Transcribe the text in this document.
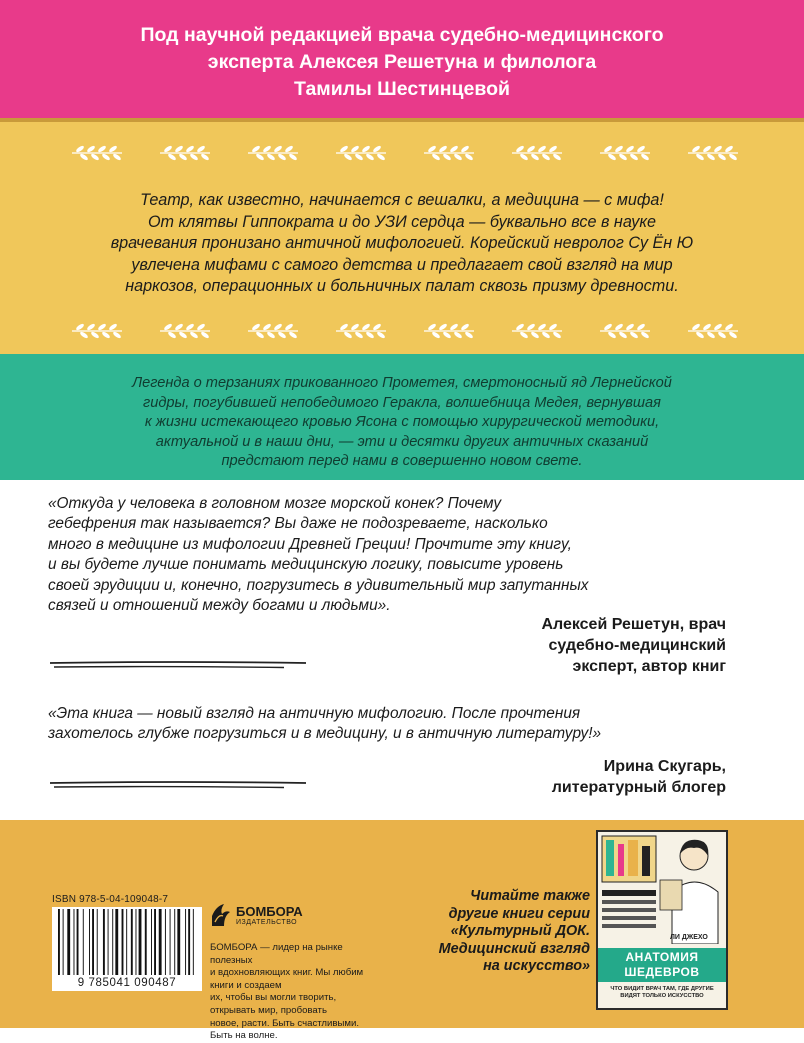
Под научной редакцией врача судебно-медицинского
эксперта Алексея Решетуна и филолога
Тамилы Шестинцевой
Театр, как известно, начинается с вешалки, а медицина — с мифа!
От клятвы Гиппократа и до УЗИ сердца — буквально все в науке
врачевания пронизано античной мифологией. Корейский невролог Су Ён Ю
увлечена мифами с самого детства и предлагает свой взгляд на мир
наркозов, операционных и больничных палат сквозь призму древности.
Легенда о терзаниях прикованного Прометея, смертоносный яд Лернейской
гидры, погубившей непобедимого Геракла, волшебница Медея, вернувшая
к жизни истекающего кровью Ясона с помощью хирургической методики,
актуальной и в наши дни, — эти и десятки других античных сказаний
предстают перед нами в совершенно новом свете.
«Откуда у человека в головном мозге морской конек? Почему
гебефрения так называется? Вы даже не подозреваете, насколько
много в медицине из мифологии Древней Греции! Прочтите эту книгу,
и вы будете лучше понимать медицинскую логику, повысите уровень
своей эрудиции и, конечно, погрузитесь в удивительный мир запутанных
связей и отношений между богами и людьми».
Алексей Решетун, врач
судебно-медицинский
эксперт, автор книг
«Эта книга — новый взгляд на античную мифологию. После прочтения
захотелось глубже погрузиться и в медицину, и в античную литературу!»
Ирина Скугарь,
литературный блогер
ISBN 978-5-04-109048-7
9 785041 090487
БОМБОРА
ИЗДАТЕЛЬСТВО
БОМБОРА — лидер на рынке полезных
и вдохновляющих книг. Мы любим книги и создаем
их, чтобы вы могли творить, открывать мир, пробовать
новое, расти. Быть счастливыми. Быть на волне.
Читайте также
другие книги серии
«Культурный ДОК.
Медицинский взгляд
на искусство»
ЛИ ДЖЕХО
АНАТОМИЯ
ШЕДЕВРОВ
ЧТО ВИДИТ ВРАЧ ТАМ, ГДЕ ДРУГИЕ
ВИДЯТ ТОЛЬКО ИСКУССТВО
